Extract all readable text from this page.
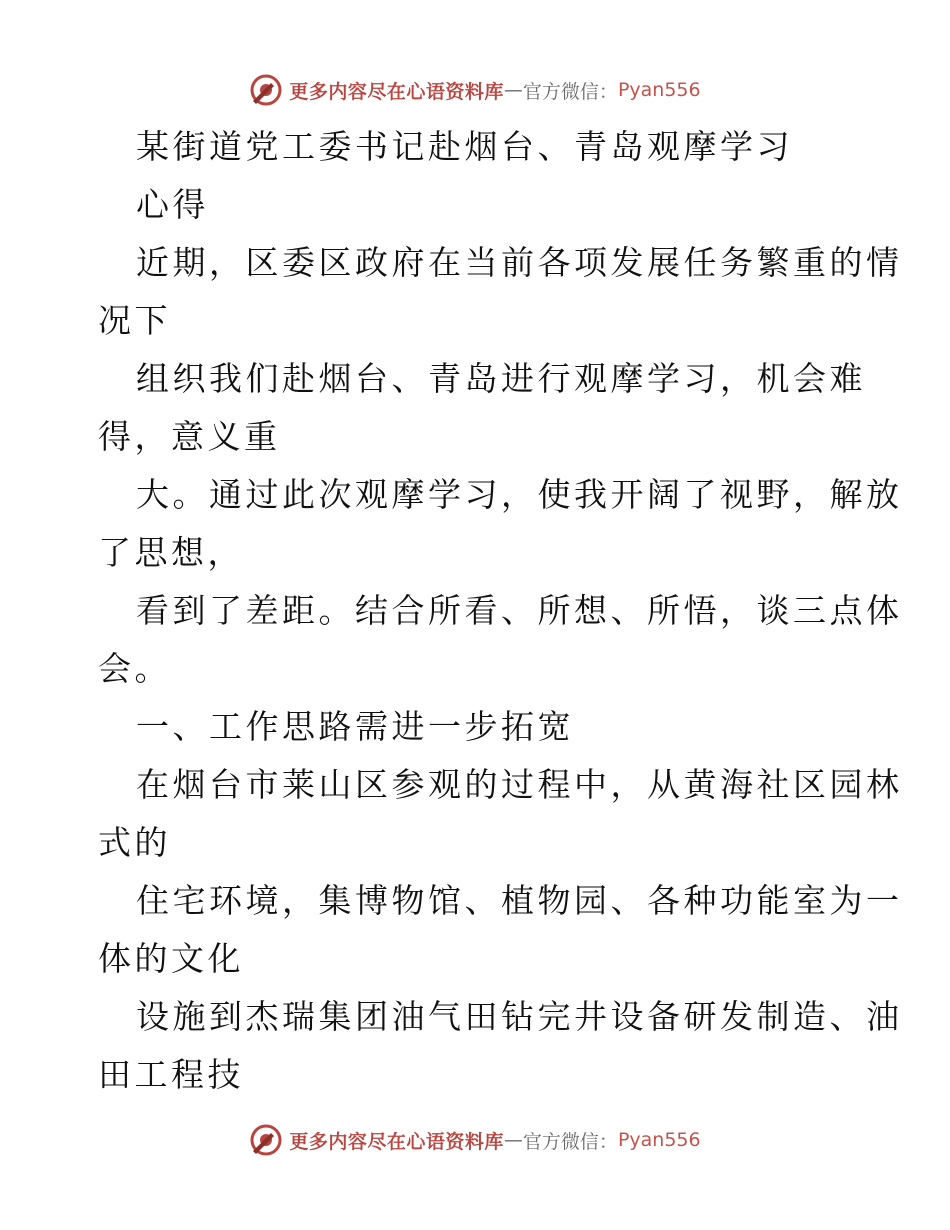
更多内容尽在心语资料库 — 官方微信： Pyan556
某街道党工委书记赴烟台、青岛观摩学习
心得
近期，区委区政府在当前各项发展任务繁重的情
况下
组织我们赴烟台、青岛进行观摩学习，机会难
得，意义重
大。通过此次观摩学习，使我开阔了视野，解放
了思想，
看到了差距。结合所看、所想、所悟，谈三点体
会。
一、工作思路需进一步拓宽
在烟台市莱山区参观的过程中，从黄海社区园林
式的
住宅环境，集博物馆、植物园、各种功能室为一
体的文化
设施到杰瑞集团油气田钻完井设备研发制造、油
田工程技
更多内容尽在心语资料库 — 官方微信： Pyan556
